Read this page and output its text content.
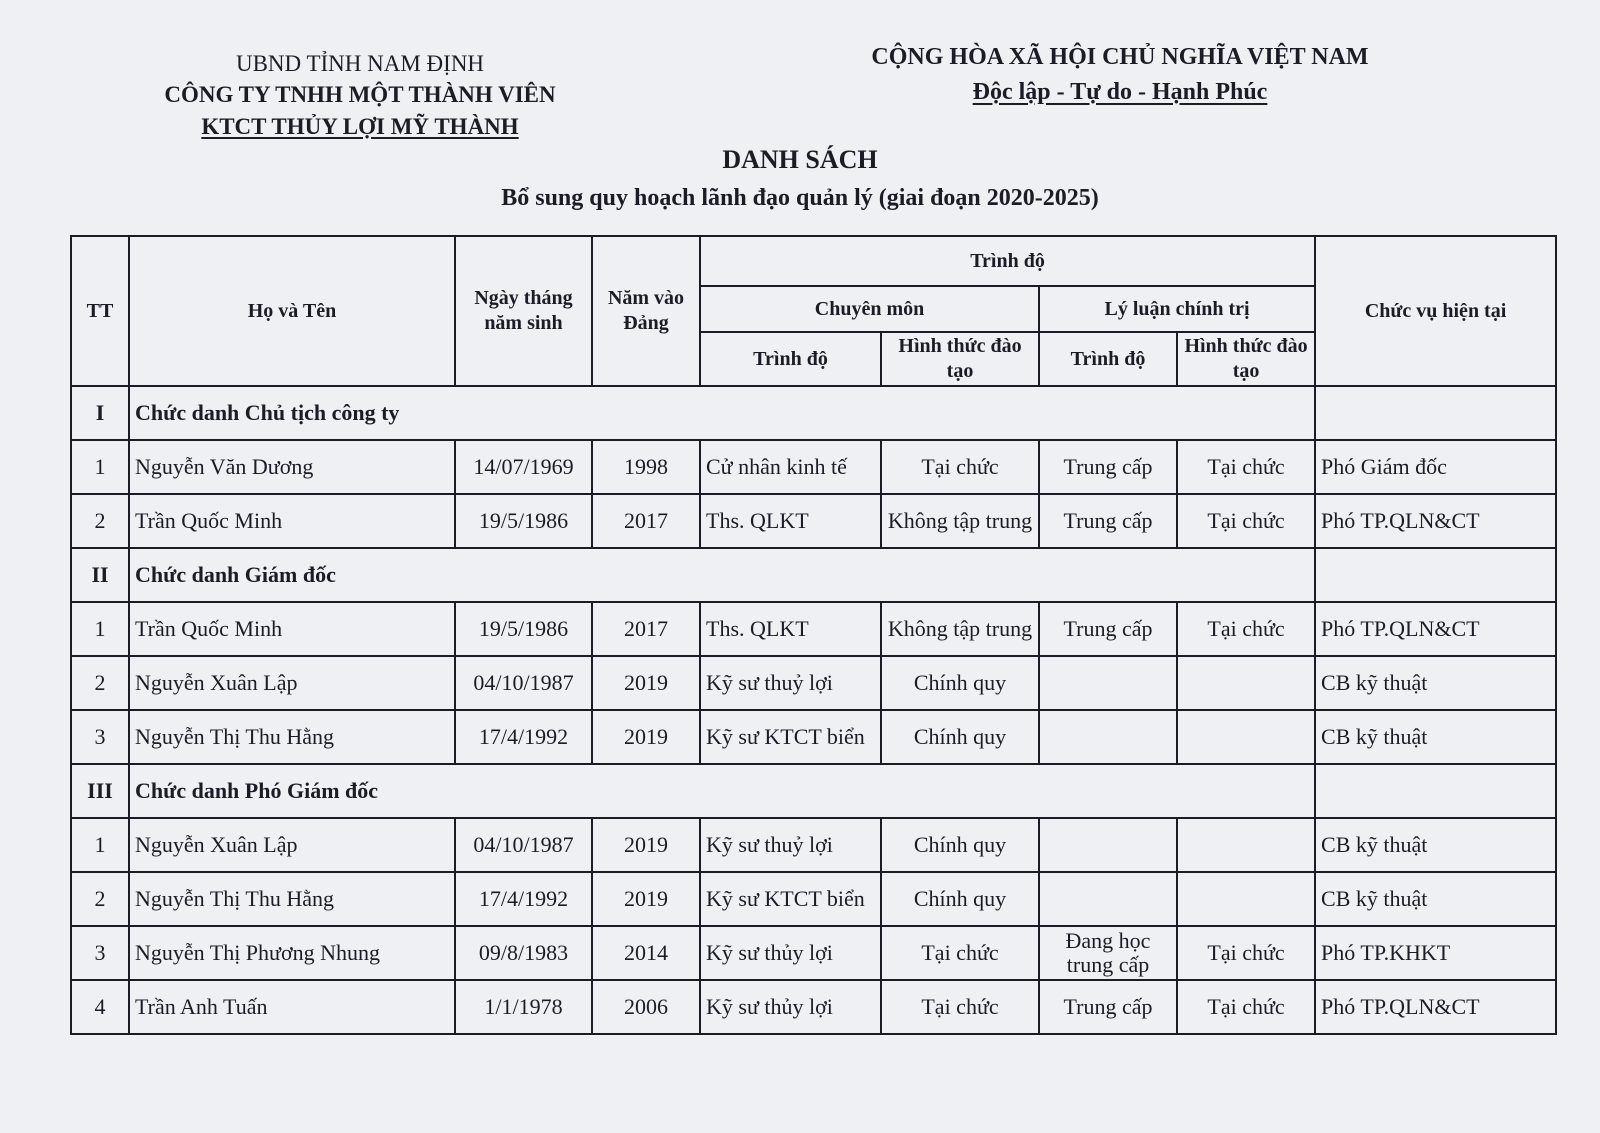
UBND TỈNH NAM ĐỊNH
CÔNG TY TNHH MỘT THÀNH VIÊN
KTCT THỦY LỢI MỸ THÀNH
CỘNG HÒA XÃ HỘI CHỦ NGHĨA VIỆT NAM
Độc lập - Tự do - Hạnh Phúc
DANH SÁCH
Bổ sung quy hoạch lãnh đạo quản lý (giai đoạn 2020-2025)
TT	Họ và Tên	Ngày tháng năm sinh	Năm vào Đảng	Trình độ				Chức vụ hiện tại
				Chuyên môn		Lý luận chính trị		
				Trình độ	Hình thức đào tạo	Trình độ	Hình thức đào tạo	
I	Chức danh Chủ tịch công ty							
1	Nguyễn Văn Dương	14/07/1969	1998	Cử nhân kinh tế	Tại chức	Trung cấp	Tại chức	Phó Giám đốc
2	Trần Quốc Minh	19/5/1986	2017	Ths. QLKT	Không tập trung	Trung cấp	Tại chức	Phó TP.QLN&CT
II	Chức danh Giám đốc							
1	Trần Quốc Minh	19/5/1986	2017	Ths. QLKT	Không tập trung	Trung cấp	Tại chức	Phó TP.QLN&CT
2	Nguyễn Xuân Lập	04/10/1987	2019	Kỹ sư thuỷ lợi	Chính quy			CB kỹ thuật
3	Nguyễn Thị Thu Hằng	17/4/1992	2019	Kỹ sư KTCT biển	Chính quy			CB kỹ thuật
III	Chức danh Phó Giám đốc							
1	Nguyễn Xuân Lập	04/10/1987	2019	Kỹ sư thuỷ lợi	Chính quy			CB kỹ thuật
2	Nguyễn Thị Thu Hằng	17/4/1992	2019	Kỹ sư KTCT biển	Chính quy			CB kỹ thuật
3	Nguyễn Thị Phương Nhung	09/8/1983	2014	Kỹ sư thủy lợi	Tại chức	Đang học trung cấp	Tại chức	Phó TP.KHKT
4	Trần Anh Tuấn	1/1/1978	2006	Kỹ sư thủy lợi	Tại chức	Trung cấp	Tại chức	Phó TP.QLN&CT
